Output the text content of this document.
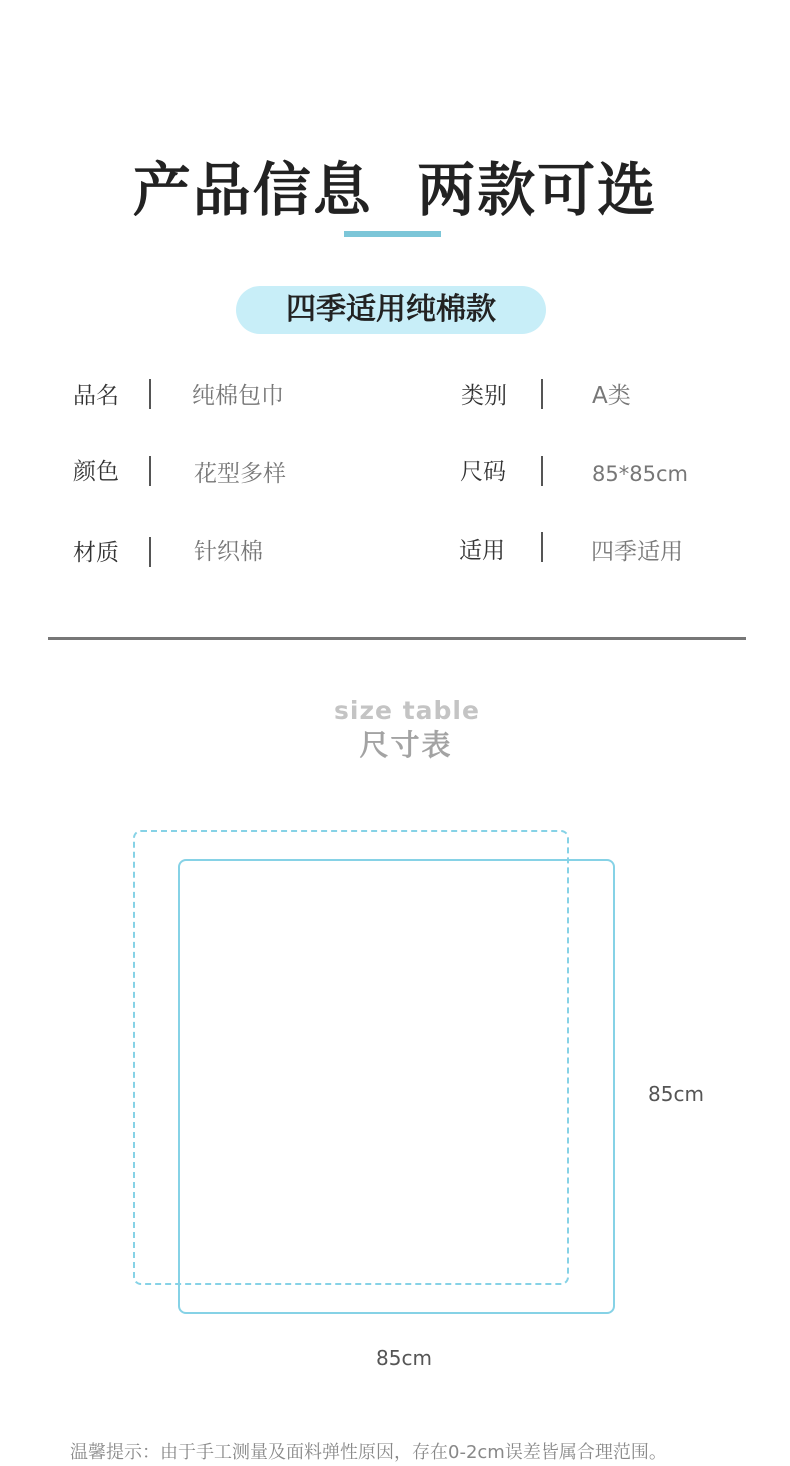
产品信息  两款可选
四季适用纯棉款
品名	纯棉包巾	类别	A类
颜色	花型多样	尺码	85*85cm
材质	针织棉	适用	四季适用
size table
尺寸表
85cm
85cm
温馨提示：由于手工测量及面料弹性原因，存在0-2cm误差皆属合理范围。
